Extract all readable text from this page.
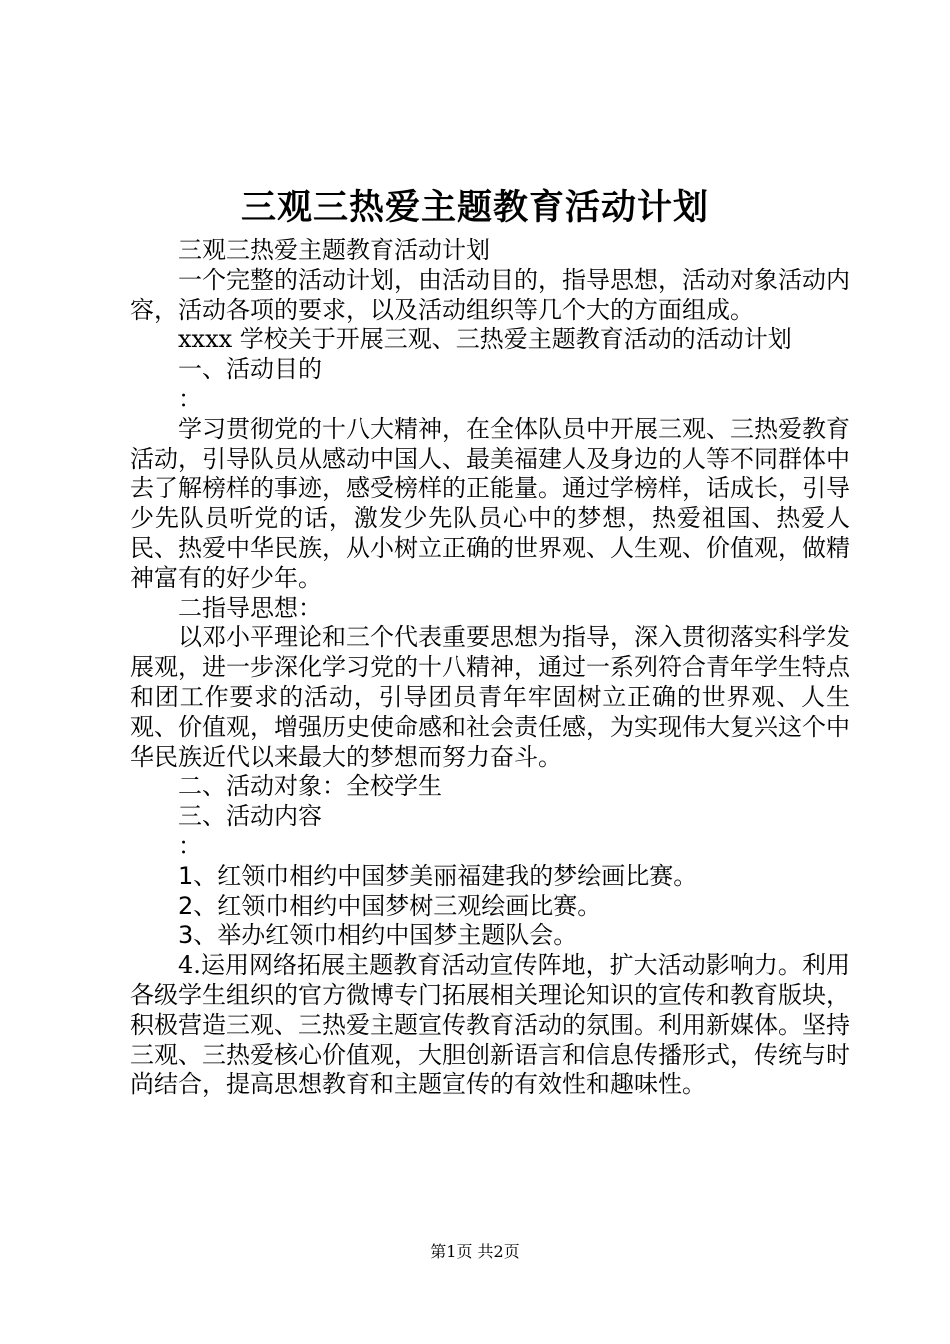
三观三热爱主题教育活动计划

三观三热爱主题教育活动计划

一个完整的活动计划，由活动目的，指导思想，活动对象活动内容，活动各项的要求，以及活动组织等几个大的方面组成。

xxxx 学校关于开展三观、三热爱主题教育活动的活动计划

一、活动目的

：

学习贯彻党的十八大精神，在全体队员中开展三观、三热爱教育活动，引导队员从感动中国人、最美福建人及身边的人等不同群体中去了解榜样的事迹，感受榜样的正能量。通过学榜样，话成长，引导少先队员听党的话，激发少先队员心中的梦想，热爱祖国、热爱人民、热爱中华民族，从小树立正确的世界观、人生观、价值观，做精神富有的好少年。

二指导思想：

以邓小平理论和三个代表重要思想为指导，深入贯彻落实科学发展观，进一步深化学习党的十八精神，通过一系列符合青年学生特点和团工作要求的活动，引导团员青年牢固树立正确的世界观、人生观、价值观，增强历史使命感和社会责任感，为实现伟大复兴这个中华民族近代以来最大的梦想而努力奋斗。

二、活动对象：全校学生

三、活动内容

：

1、红领巾相约中国梦美丽福建我的梦绘画比赛。

2、红领巾相约中国梦树三观绘画比赛。

3、举办红领巾相约中国梦主题队会。

4.运用网络拓展主题教育活动宣传阵地，扩大活动影响力。利用各级学生组织的官方微博专门拓展相关理论知识的宣传和教育版块，积极营造三观、三热爱主题宣传教育活动的氛围。利用新媒体。坚持三观、三热爱核心价值观，大胆创新语言和信息传播形式，传统与时尚结合，提高思想教育和主题宣传的有效性和趣味性。

第1页 共2页
